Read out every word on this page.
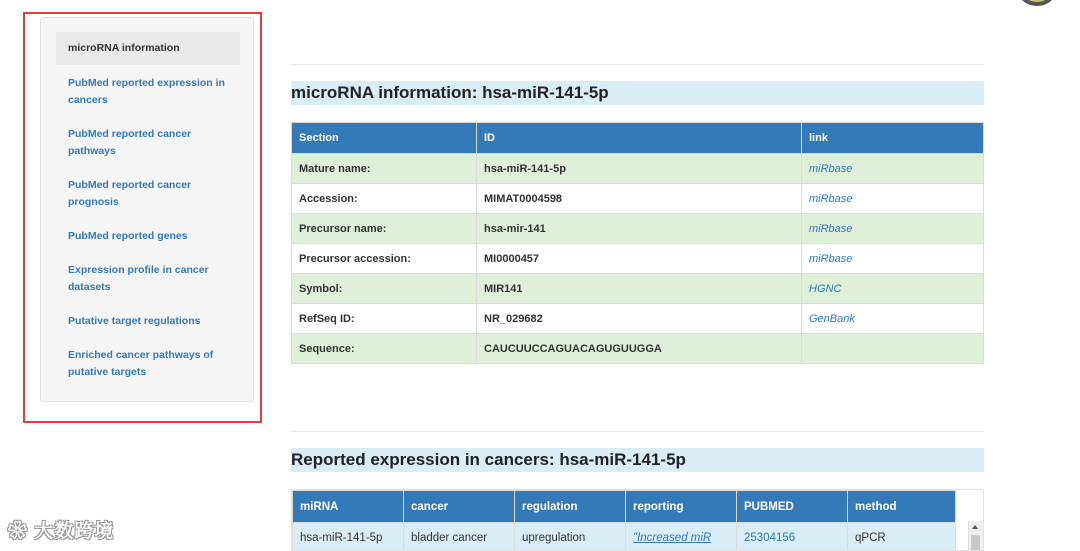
microRNA information
PubMed reported expression in cancers
PubMed reported cancer pathways
PubMed reported cancer prognosis
PubMed reported genes
Expression profile in cancer datasets
Putative target regulations
Enriched cancer pathways of putative targets
microRNA information: hsa-miR-141-5p
Section	ID	link
Mature name:	hsa-miR-141-5p	miRbase
Accession:	MIMAT0004598	miRbase
Precursor name:	hsa-mir-141	miRbase
Precursor accession:	MI0000457	miRbase
Symbol:	MIR141	HGNC
RefSeq ID:	NR_029682	GenBank
Sequence:	CAUCUUCCAGUACAGUGUUGGA	
Reported expression in cancers: hsa-miR-141-5p
miRNA	cancer	regulation	reporting	PUBMED	method
hsa-miR-141-5p	bladder cancer	upregulation	"Increased miR	25304156	qPCR
❀ 大数跨境
